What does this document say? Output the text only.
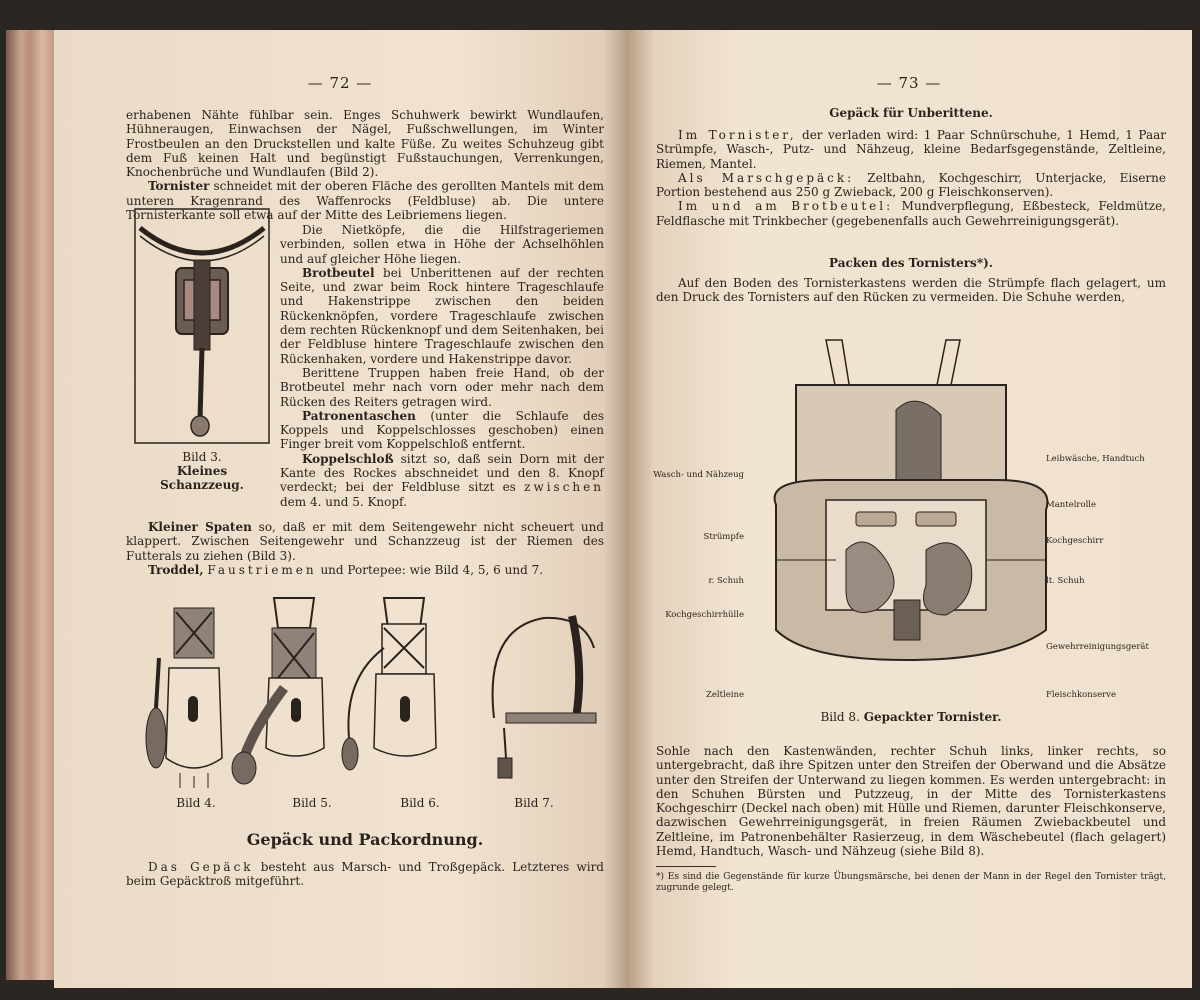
— 72 —

erhabenen Nähte fühlbar sein. Enges Schuhwerk bewirkt Wundlaufen, Hühneraugen, Einwachsen der Nägel, Fußschwellungen, im Winter Frostbeulen an den Druckstellen und kalte Füße. Zu weites Schuhzeug gibt dem Fuß keinen Halt und begünstigt Fußstauchungen, Verrenkungen, Knochenbrüche und Wundlaufen (Bild 2).

Tornister schneidet mit der oberen Fläche des gerollten Mantels mit dem unteren Kragenrand des Waffenrocks (Feldbluse) ab. Die untere Tornisterkante soll etwa auf der Mitte des Leibriemens liegen.

Bild 3.
Kleines Schanzzeug.

Die Nietköpfe, die die Hilfstrageriemen verbinden, sollen etwa in Höhe der Achselhöhlen und auf gleicher Höhe liegen.

Brotbeutel bei Unberittenen auf der rechten Seite, und zwar beim Rock hintere Trageschlaufe und Hakenstrippe zwischen den beiden Rückenknöpfen, vordere Trageschlaufe zwischen dem rechten Rückenknopf und dem Seitenhaken, bei der Feldbluse hintere Trageschlaufe zwischen den Rückenhaken, vordere und Hakenstrippe davor.

Berittene Truppen haben freie Hand, ob der Brotbeutel mehr nach vorn oder mehr nach dem Rücken des Reiters getragen wird.

Patronentaschen (unter die Schlaufe des Koppels und Koppelschlosses geschoben) einen Finger breit vom Koppelschloß entfernt.

Koppelschloß sitzt so, daß sein Dorn mit der Kante des Rockes abschneidet und den 8. Knopf verdeckt; bei der Feldbluse sitzt es zwischen dem 4. und 5. Knopf.

Kleiner Spaten so, daß er mit dem Seitengewehr nicht scheuert und klappert. Zwischen Seitengewehr und Schanzzeug ist der Riemen des Futterals zu ziehen (Bild 3).

Troddel, Faustriemen und Portepee: wie Bild 4, 5, 6 und 7.

Bild 4.	Bild 5.	Bild 6.	Bild 7.
Gepäck und Packordnung.

Das Gepäck besteht aus Marsch- und Troßgepäck. Letzteres wird beim Gepäcktroß mitgeführt.

— 73 —
Gepäck für Unberittene.

Im Tornister, der verladen wird: 1 Paar Schnürschuhe, 1 Hemd, 1 Paar Strümpfe, Wasch-, Putz- und Nähzeug, kleine Bedarfsgegenstände, Zeltleine, Riemen, Mantel.

Als Marschgepäck: Zeltbahn, Kochgeschirr, Unterjacke, Eiserne Portion bestehend aus 250 g Zwieback, 200 g Fleischkonserven).

Im und am Brotbeutel: Mundverpflegung, Eßbesteck, Feldmütze, Feldflasche mit Trinkbecher (gegebenenfalls auch Gewehrreinigungsgerät).

Packen des Tornisters*).

Auf den Boden des Tornisterkastens werden die Strümpfe flach gelagert, um den Druck des Tornisters auf den Rücken zu vermeiden. Die Schuhe werden,

Wasch- und Nähzeug
Strümpfe
r. Schuh
Kochgeschirrhülle
Zeltleine
Leibwäsche, Handtuch
Mantelrolle
Kochgeschirr
lt. Schuh
Gewehrreinigungsgerät
Fleischkonserve
Bild 8. Gepackter Tornister.

Sohle nach den Kastenwänden, rechter Schuh links, linker rechts, so untergebracht, daß ihre Spitzen unter den Streifen der Oberwand und die Absätze unter den Streifen der Unterwand zu liegen kommen. Es werden untergebracht: in den Schuhen Bürsten und Putzzeug, in der Mitte des Tornisterkastens Kochgeschirr (Deckel nach oben) mit Hülle und Riemen, darunter Fleischkonserve, dazwischen Gewehrreinigungsgerät, in freien Räumen Zwiebackbeutel und Zeltleine, im Patronenbehälter Rasierzeug, in dem Wäschebeutel (flach gelagert) Hemd, Handtuch, Wasch- und Nähzeug (siehe Bild 8).

*) Es sind die Gegenstände für kurze Übungsmärsche, bei denen der Mann in der Regel den Tornister trägt, zugrunde gelegt.
